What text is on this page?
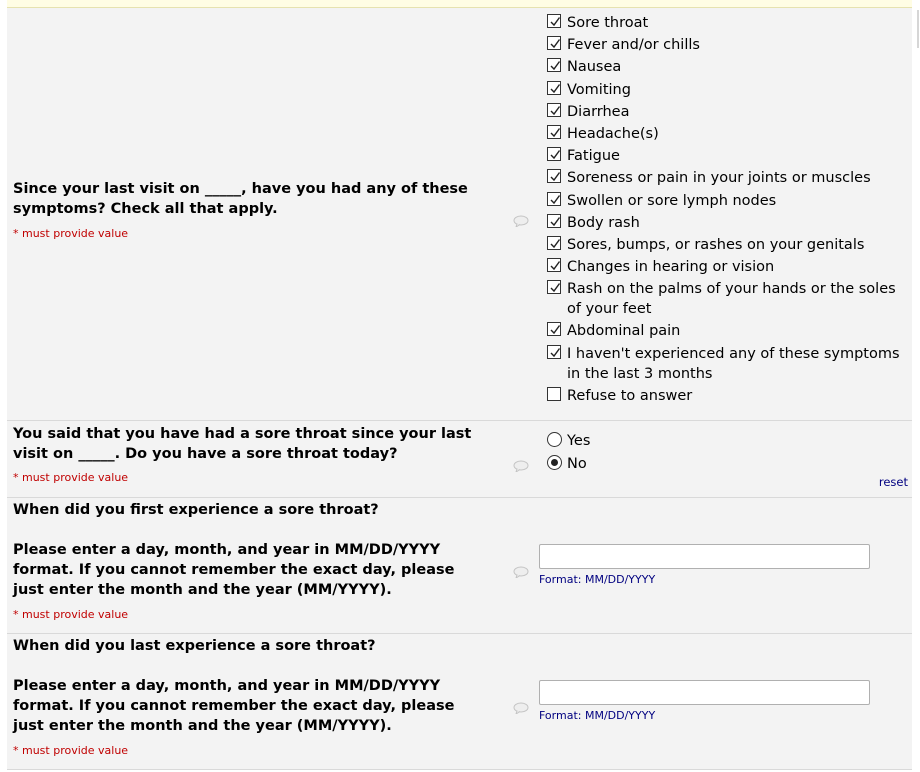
Since your last visit on _____, have you had any of these symptoms? Check all that apply.
* must provide value
Sore throat
Fever and/or chills
Nausea
Vomiting
Diarrhea
Headache(s)
Fatigue
Soreness or pain in your joints or muscles
Swollen or sore lymph nodes
Body rash
Sores, bumps, or rashes on your genitals
Changes in hearing or vision
Rash on the palms of your hands or the soles of your feet
Abdominal pain
I haven't experienced any of these symptoms in the last 3 months
Refuse to answer
You said that you have had a sore throat since your last visit on _____. Do you have a sore throat today?
* must provide value
Yes
No
reset
When did you first experience a sore throat?
Please enter a day, month, and year in MM/DD/YYYY format. If you cannot remember the exact day, please just enter the month and the year (MM/YYYY).
* must provide value
Format: MM/DD/YYYY
When did you last experience a sore throat?
Please enter a day, month, and year in MM/DD/YYYY format. If you cannot remember the exact day, please just enter the month and the year (MM/YYYY).
* must provide value
Format: MM/DD/YYYY
